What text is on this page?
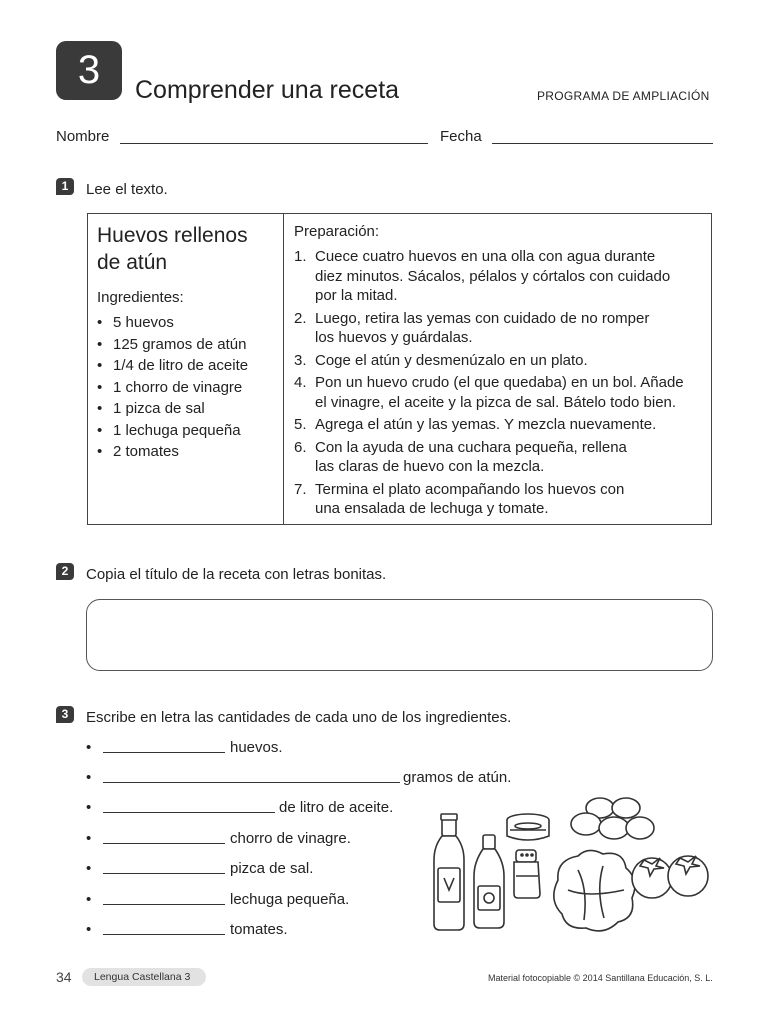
3	Comprender una receta	PROGRAMA DE AMPLIACIÓN
Nombre	Fecha
1	Lee el texto.
Huevos rellenos
de atún
Ingredientes:
• 5 huevos
• 125 gramos de atún
• 1/4 de litro de aceite
• 1 chorro de vinagre
• 1 pizca de sal
• 1 lechuga pequeña
• 2 tomates
Preparación:
1. Cuece cuatro huevos en una olla con agua durante
diez minutos. Sácalos, pélalos y córtalos con cuidado
por la mitad.
2. Luego, retira las yemas con cuidado de no romper
los huevos y guárdalas.
3. Coge el atún y desmenúzalo en un plato.
4. Pon un huevo crudo (el que quedaba) en un bol. Añade
el vinagre, el aceite y la pizca de sal. Bátelo todo bien.
5. Agrega el atún y las yemas. Y mezcla nuevamente.
6. Con la ayuda de una cuchara pequeña, rellena
las claras de huevo con la mezcla.
7. Termina el plato acompañando los huevos con
una ensalada de lechuga y tomate.
2	Copia el título de la receta con letras bonitas.
3	Escribe en letra las cantidades de cada uno de los ingredientes.
•	huevos.
•	gramos de atún.
•	de litro de aceite.
•	chorro de vinagre.
•	pizca de sal.
•	lechuga pequeña.
•	tomates.
34	Lengua Castellana 3	Material fotocopiable © 2014 Santillana Educación, S. L.
